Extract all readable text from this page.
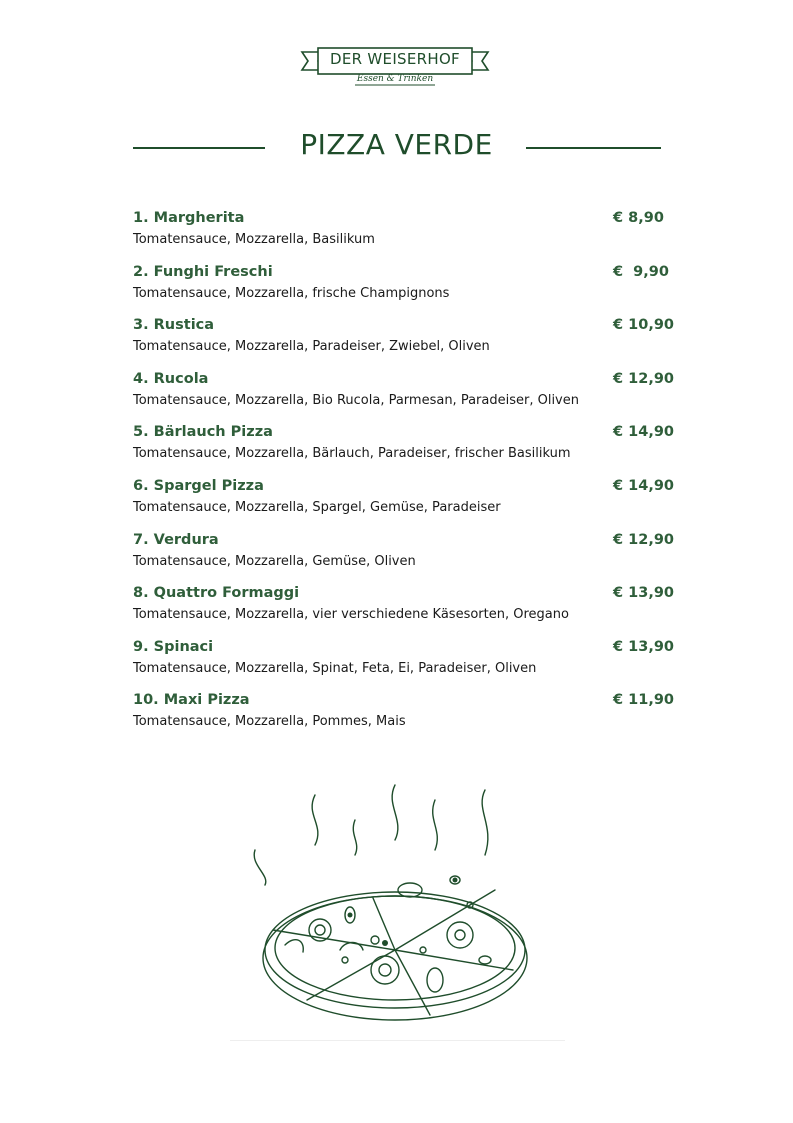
DER WEISERHOF
Essen & Trinken
PIZZA VERDE
1. Margherita	€ 8,90
Tomatensauce, Mozzarella, Basilikum
2. Funghi Freschi	€  9,90
Tomatensauce, Mozzarella, frische Champignons
3. Rustica	€ 10,90
Tomatensauce, Mozzarella, Paradeiser, Zwiebel, Oliven
4. Rucola	€ 12,90
Tomatensauce, Mozzarella, Bio Rucola, Parmesan, Paradeiser, Oliven
5. Bärlauch Pizza	€ 14,90
Tomatensauce, Mozzarella, Bärlauch, Paradeiser, frischer Basilikum
6. Spargel Pizza	€ 14,90
Tomatensauce, Mozzarella, Spargel, Gemüse, Paradeiser
7. Verdura	€ 12,90
Tomatensauce, Mozzarella, Gemüse, Oliven
8. Quattro Formaggi	€ 13,90
Tomatensauce, Mozzarella, vier verschiedene Käsesorten, Oregano
9. Spinaci	€ 13,90
Tomatensauce, Mozzarella, Spinat, Feta, Ei, Paradeiser, Oliven
10. Maxi Pizza	€ 11,90
Tomatensauce, Mozzarella, Pommes, Mais
